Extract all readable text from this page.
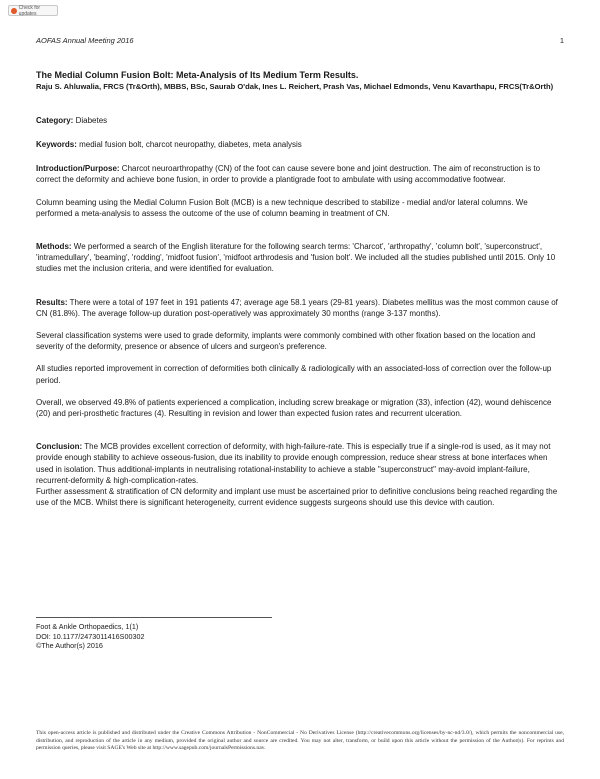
Check for updates
AOFAS Annual Meeting 2016	1

The Medial Column Fusion Bolt: Meta-Analysis of Its Medium Term Results.

Raju S. Ahluwalia, FRCS (Tr&Orth), MBBS, BSc, Saurab O'dak, Ines L. Reichert, Prash Vas, Michael Edmonds, Venu Kavarthapu, FRCS(Tr&Orth)

Category: Diabetes

Keywords: medial fusion bolt, charcot neuropathy, diabetes, meta analysis

Introduction/Purpose: Charcot neuroarthropathy (CN) of the foot can cause severe bone and joint destruction. The aim of reconstruction is to correct the deformity and achieve bone fusion, in order to provide a plantigrade foot to ambulate with using accommodative footwear.

Column beaming using the Medial Column Fusion Bolt (MCB) is a new technique described to stabilize - medial and/or lateral columns. We performed a meta-analysis to assess the outcome of the use of column beaming in treatment of CN.

Methods: We performed a search of the English literature for the following search terms: 'Charcot', 'arthropathy', 'column bolt', 'superconstruct', 'intramedullary', 'beaming', 'rodding', 'midfoot fusion', 'midfoot arthrodesis and 'fusion bolt'. We included all the studies published until 2015. Only 10 studies met the inclusion criteria, and were identified for evaluation.

Results: There were a total of 197 feet in 191 patients 47; average age 58.1 years (29-81 years). Diabetes mellitus was the most common cause of CN (81.8%). The average follow-up duration post-operatively was approximately 30 months (range 3-137 months).

Several classification systems were used to grade deformity, implants were commonly combined with other fixation based on the location and severity of the deformity, presence or absence of ulcers and surgeon's preference.

All studies reported improvement in correction of deformities both clinically & radiologically with an associated-loss of correction over the follow-up period.

Overall, we observed 49.8% of patients experienced a complication, including screw breakage or migration (33), infection (42), wound dehiscence (20) and peri-prosthetic fractures (4). Resulting in revision and lower than expected fusion rates and recurrent ulceration.

Conclusion: The MCB provides excellent correction of deformity, with high-failure-rate. This is especially true if a single-rod is used, as it may not provide enough stability to achieve osseous-fusion, due its inability to provide enough compression, reduce shear stress at bone interfaces when used in isolation. Thus additional-implants in neutralising rotational-instability to achieve a stable "superconstruct" may-avoid implant-failure, recurrent-deformity & high-complication-rates.

Further assessment & stratification of CN deformity and implant use must be ascertained prior to definitive conclusions being reached regarding the use of the MCB. Whilst there is significant heterogeneity, current evidence suggests surgeons should use this device with caution.

Foot & Ankle Orthopaedics, 1(1)
DOI: 10.1177/2473011416S00302
©The Author(s) 2016
This open-access article is published and distributed under the Creative Commons Attribution - NonCommercial - No Derivatives License (http://creativecommons.org/licenses/by-nc-nd/3.0/), which permits the noncommercial use, distribution, and reproduction of the article in any medium, provided the original author and source are credited. You may not alter, transform, or build upon this article without the permission of the Author(s). For reprints and permission queries, please visit SAGE's Web site at http://www.sagepub.com/journalsPermissions.nav.
